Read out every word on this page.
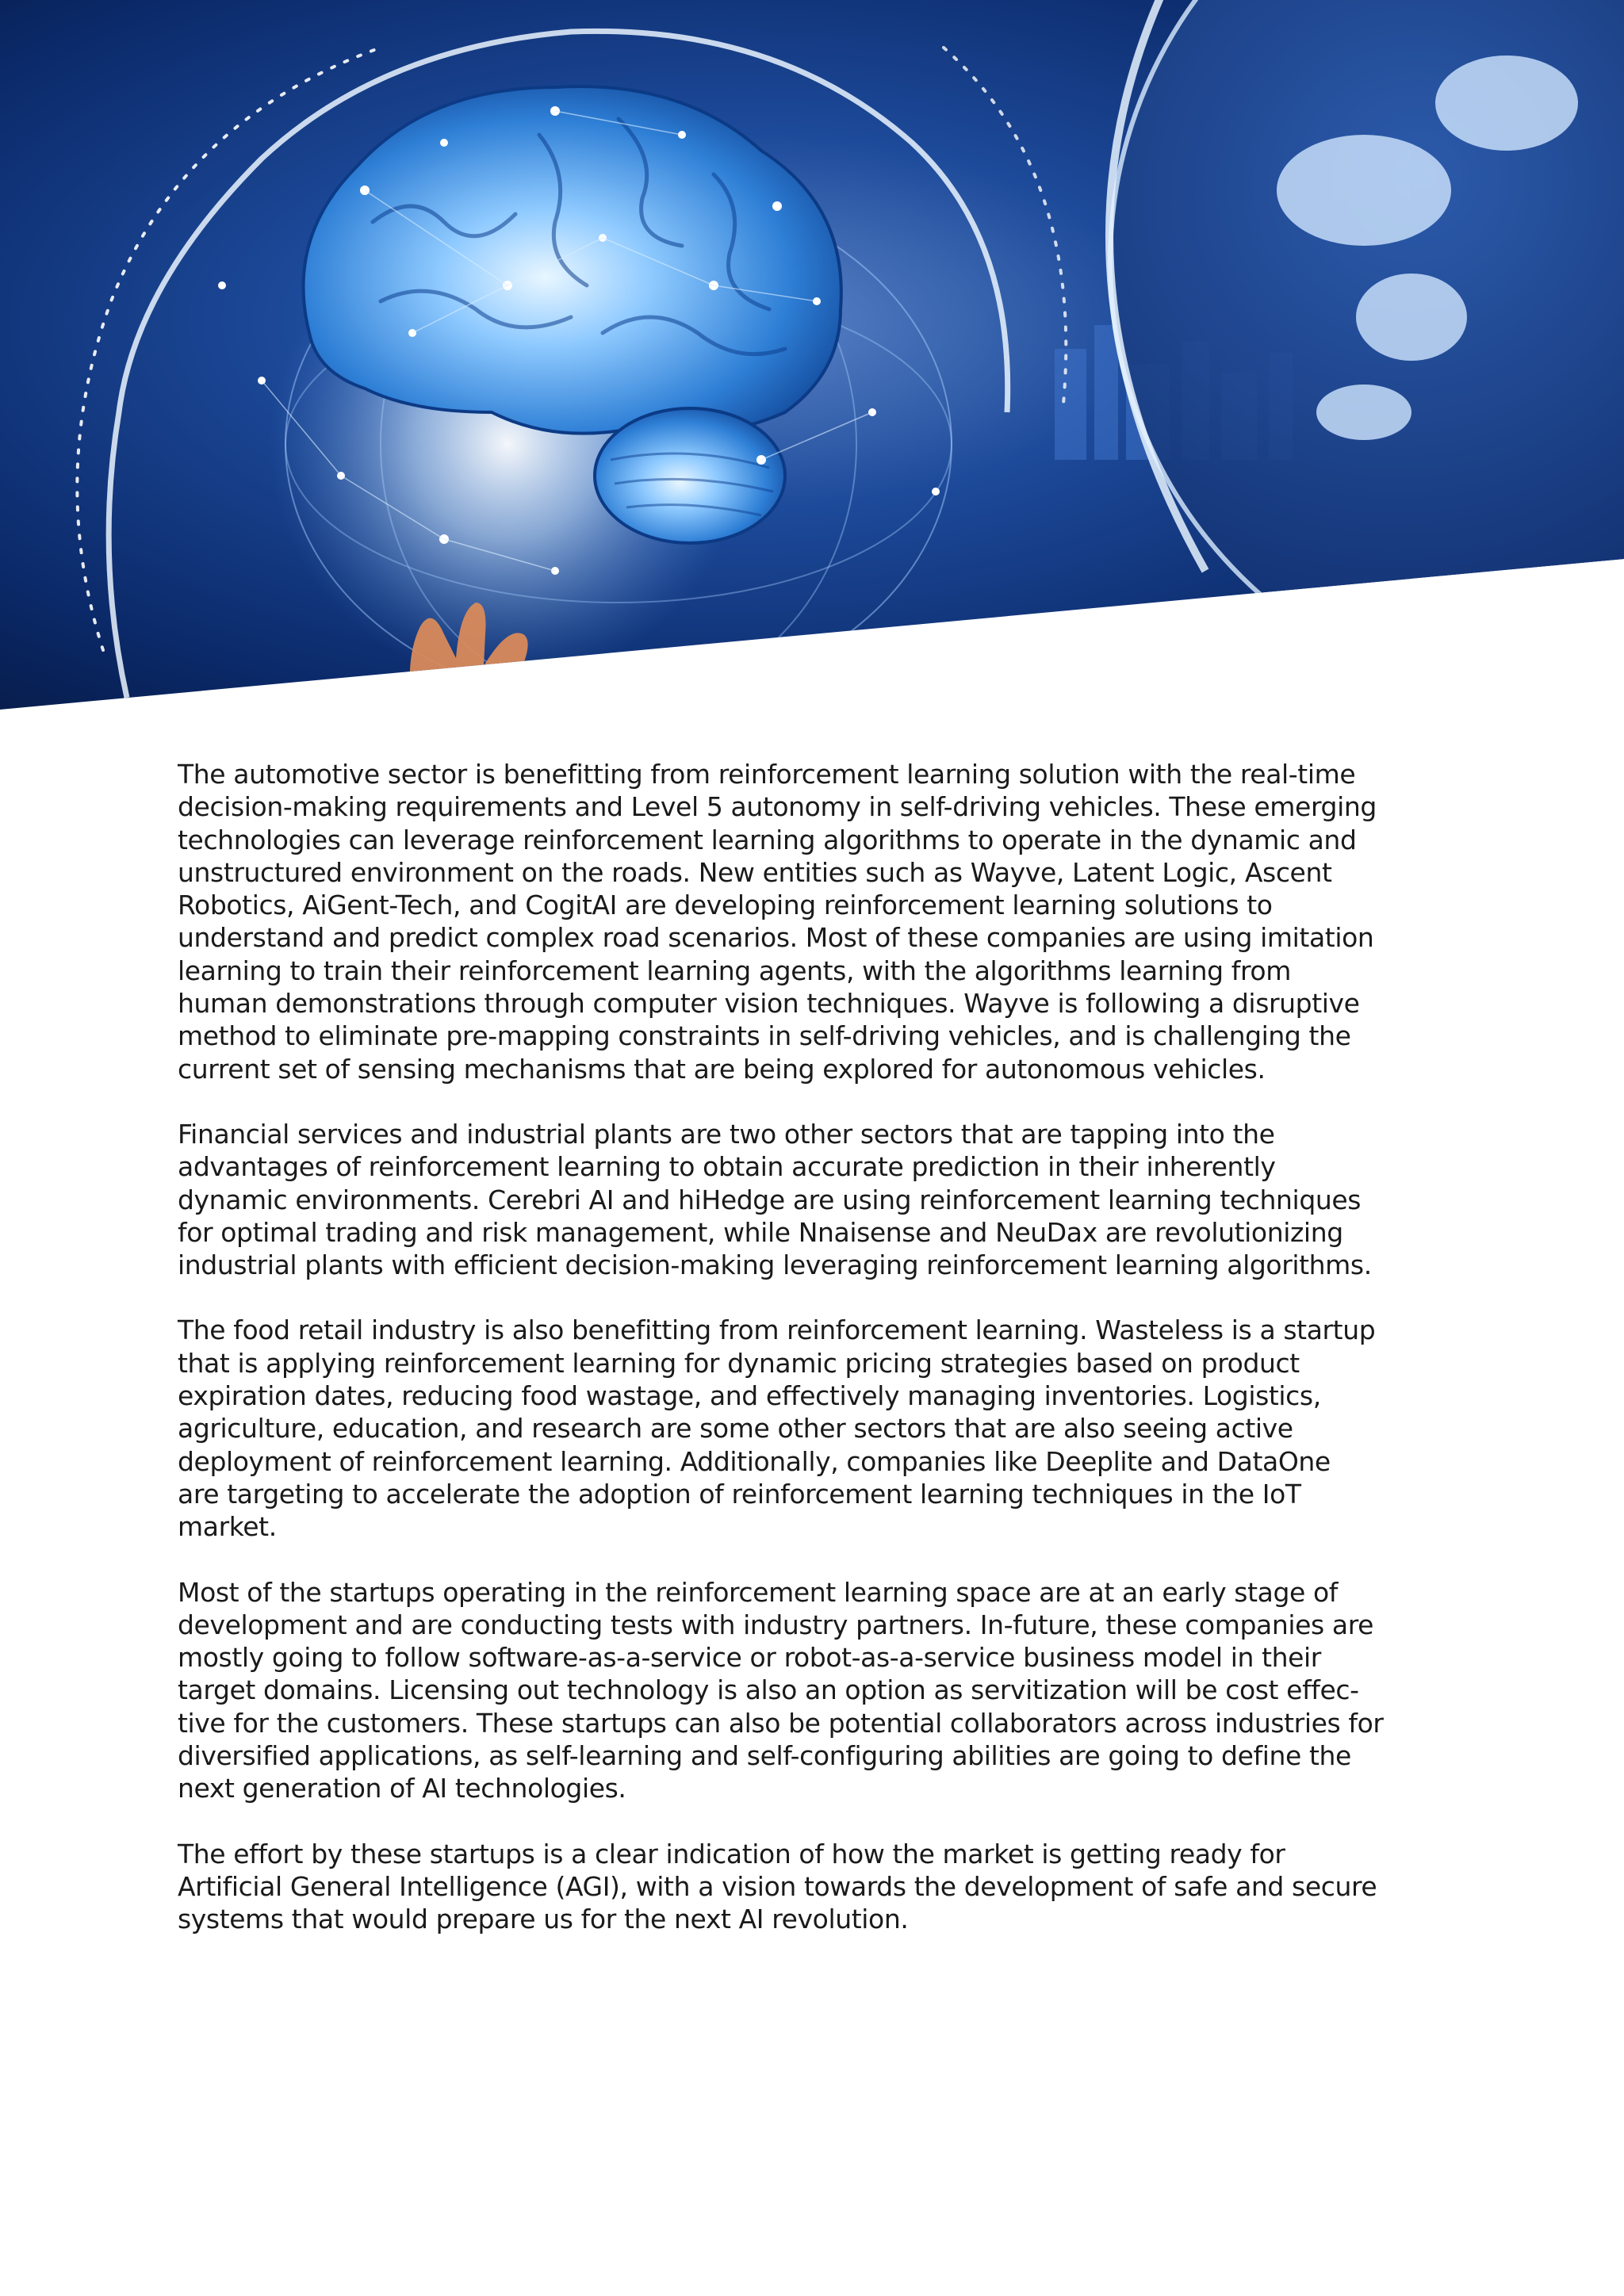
The automotive sector is benefitting from reinforcement learning solution with the real-time
decision-making requirements and Level 5 autonomy in self-driving vehicles. These emerging
technologies can leverage reinforcement learning algorithms to operate in the dynamic and
unstructured environment on the roads. New entities such as Wayve, Latent Logic, Ascent
Robotics, AiGent-Tech, and CogitAI are developing reinforcement learning solutions to
understand and predict complex road scenarios. Most of these companies are using imitation
learning to train their reinforcement learning agents, with the algorithms learning from
human demonstrations through computer vision techniques. Wayve is following a disruptive
method to eliminate pre-mapping constraints in self-driving vehicles, and is challenging the
current set of sensing mechanisms that are being explored for autonomous vehicles.

Financial services and industrial plants are two other sectors that are tapping into the
advantages of reinforcement learning to obtain accurate prediction in their inherently
dynamic environments. Cerebri AI and hiHedge are using reinforcement learning techniques
for optimal trading and risk management, while Nnaisense and NeuDax are revolutionizing
industrial plants with efficient decision-making leveraging reinforcement learning algorithms.

The food retail industry is also benefitting from reinforcement learning. Wasteless is a startup
that is applying reinforcement learning for dynamic pricing strategies based on product
expiration dates, reducing food wastage, and effectively managing inventories. Logistics,
agriculture, education, and research are some other sectors that are also seeing active
deployment of reinforcement learning. Additionally, companies like Deeplite and DataOne
are targeting to accelerate the adoption of reinforcement learning techniques in the IoT
market.

Most of the startups operating in the reinforcement learning space are at an early stage of
development and are conducting tests with industry partners. In-future, these companies are
mostly going to follow software-as-a-service or robot-as-a-service business model in their
target domains. Licensing out technology is also an option as servitization will be cost effec-
tive for the customers. These startups can also be potential collaborators across industries for
diversified applications, as self-learning and self-configuring abilities are going to define the
next generation of AI technologies.

The effort by these startups is a clear indication of how the market is getting ready for
Artificial General Intelligence (AGI), with a vision towards the development of safe and secure
systems that would prepare us for the next AI revolution.
